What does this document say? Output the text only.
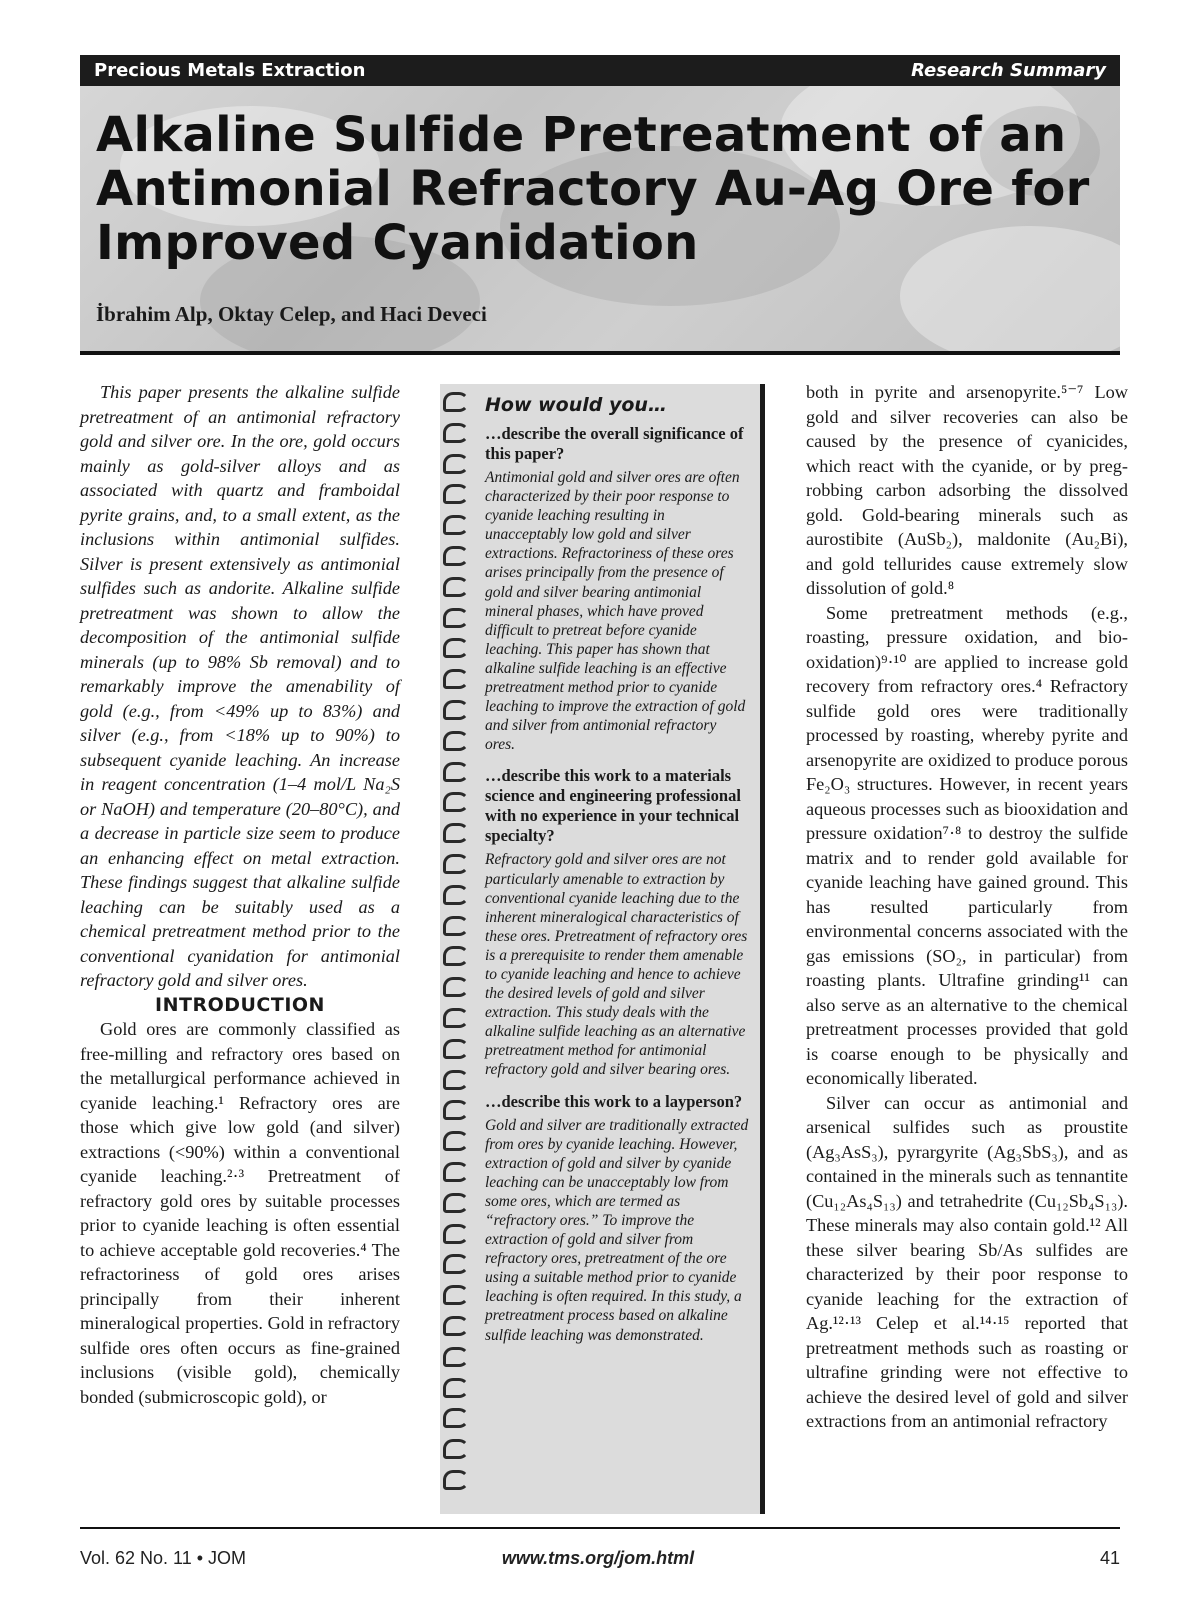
Precious Metals Extraction	Research Summary
Alkaline Sulfide Pretreatment of an Antimonial Refractory Au-Ag Ore for Improved Cyanidation
İbrahim Alp, Oktay Celep, and Haci Deveci

This paper presents the alkaline sulfide pretreatment of an antimonial refractory gold and silver ore. In the ore, gold occurs mainly as gold-silver alloys and as associated with quartz and framboidal pyrite grains, and, to a small extent, as the inclusions within antimonial sulfides. Silver is present extensively as antimonial sulfides such as andorite. Alkaline sulfide pretreatment was shown to allow the decomposition of the antimonial sulfide minerals (up to 98% Sb removal) and to remarkably improve the amenability of gold (e.g., from <49% up to 83%) and silver (e.g., from <18% up to 90%) to subsequent cyanide leaching. An increase in reagent concentration (1–4 mol/L Na₂S or NaOH) and temperature (20–80°C), and a decrease in particle size seem to produce an enhancing effect on metal extraction. These findings suggest that alkaline sulfide leaching can be suitably used as a chemical pretreatment method prior to the conventional cyanidation for antimonial refractory gold and silver ores.

INTRODUCTION

Gold ores are commonly classified as free-milling and refractory ores based on the metallurgical performance achieved in cyanide leaching.¹ Refractory ores are those which give low gold (and silver) extractions (<90%) within a conventional cyanide leaching.²·³ Pretreatment of refractory gold ores by suitable processes prior to cyanide leaching is often essential to achieve acceptable gold recoveries.⁴ The refractoriness of gold ores arises principally from their inherent mineralogical properties. Gold in refractory sulfide ores often occurs as fine-grained inclusions (visible gold), chemically bonded (submicroscopic gold), or

How would you…

…describe the overall significance of this paper?

Antimonial gold and silver ores are often characterized by their poor response to cyanide leaching resulting in unacceptably low gold and silver extractions. Refractoriness of these ores arises principally from the presence of gold and silver bearing antimonial mineral phases, which have proved difficult to pretreat before cyanide leaching. This paper has shown that alkaline sulfide leaching is an effective pretreatment method prior to cyanide leaching to improve the extraction of gold and silver from antimonial refractory ores.

…describe this work to a materials science and engineering professional with no experience in your technical specialty?

Refractory gold and silver ores are not particularly amenable to extraction by conventional cyanide leaching due to the inherent mineralogical characteristics of these ores. Pretreatment of refractory ores is a prerequisite to render them amenable to cyanide leaching and hence to achieve the desired levels of gold and silver extraction. This study deals with the alkaline sulfide leaching as an alternative pretreatment method for antimonial refractory gold and silver bearing ores.

…describe this work to a layperson?

Gold and silver are traditionally extracted from ores by cyanide leaching. However, extraction of gold and silver by cyanide leaching can be unacceptably low from some ores, which are termed as “refractory ores.” To improve the extraction of gold and silver from refractory ores, pretreatment of the ore using a suitable method prior to cyanide leaching is often required. In this study, a pretreatment process based on alkaline sulfide leaching was demonstrated.

both in pyrite and arsenopyrite.⁵⁻⁷ Low gold and silver recoveries can also be caused by the presence of cyanicides, which react with the cyanide, or by preg-robbing carbon adsorbing the dissolved gold. Gold-bearing minerals such as aurostibite (AuSb₂), maldonite (Au₂Bi), and gold tellurides cause extremely slow dissolution of gold.⁸

Some pretreatment methods (e.g., roasting, pressure oxidation, and bio-oxidation)⁹·¹⁰ are applied to increase gold recovery from refractory ores.⁴ Refractory sulfide gold ores were traditionally processed by roasting, whereby pyrite and arsenopyrite are oxidized to produce porous Fe₂O₃ structures. However, in recent years aqueous processes such as biooxidation and pressure oxidation⁷·⁸ to destroy the sulfide matrix and to render gold available for cyanide leaching have gained ground. This has resulted particularly from environmental concerns associated with the gas emissions (SO₂, in particular) from roasting plants. Ultrafine grinding¹¹ can also serve as an alternative to the chemical pretreatment processes provided that gold is coarse enough to be physically and economically liberated.

Silver can occur as antimonial and arsenical sulfides such as proustite (Ag₃AsS₃), pyrargyrite (Ag₃SbS₃), and as contained in the minerals such as tennantite (Cu₁₂As₄S₁₃) and tetrahedrite (Cu₁₂Sb₄S₁₃). These minerals may also contain gold.¹² All these silver bearing Sb/As sulfides are characterized by their poor response to cyanide leaching for the extraction of Ag.¹²·¹³ Celep et al.¹⁴·¹⁵ reported that pretreatment methods such as roasting or ultrafine grinding were not effective to achieve the desired level of gold and silver extractions from an antimonial refractory

Vol. 62 No. 11 • JOM	www.tms.org/jom.html	41
